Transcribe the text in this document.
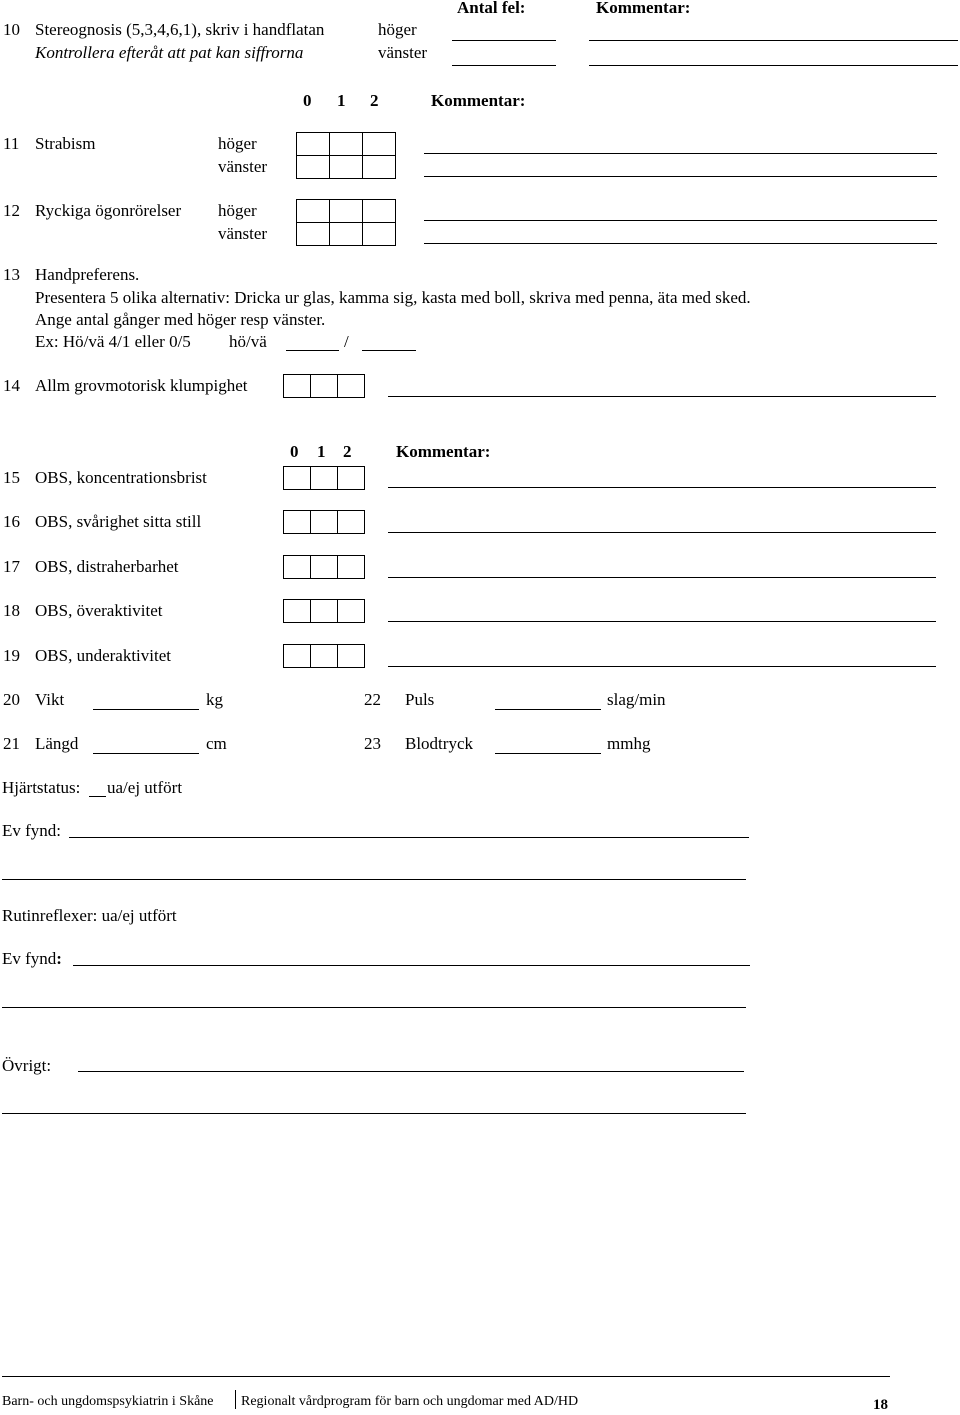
Antal fel:	Kommentar:
10 Stereognosis (5,3,4,6,1), skriv i handflatan
Kontrollera efteråt att pat kan siffrorna
höger
vänster
0 1 2	Kommentar:
11 Strabism	höger
vänster
12 Ryckiga ögonrörelser höger
vänster
13 Handpreferens.
Presentera 5 olika alternativ: Dricka ur glas, kamma sig, kasta med boll, skriva med penna, äta med sked.
Ange antal gånger med höger resp vänster.
Ex: Hö/vä 4/1 eller 0/5 hö/vä	/
14 Allm grovmotorisk klumpighet
0 1 2	Kommentar:
15 OBS, koncentrationsbrist
16 OBS, svårighet sitta still
17 OBS, distraherbarhet
18 OBS, överaktivitet
19 OBS, underaktivitet
20 Vikt	kg	22 Puls	slag/min
21 Längd	cm	23 Blodtryck	mmhg
Hjärtstatus: ua/ej utfört
Ev fynd:
Rutinreflexer: ua/ej utfört
Ev fynd:
Övrigt:
Barn- och ungdomspsykiatrin i Skåne Regionalt vårdprogram för barn och ungdomar med AD/HD	18
